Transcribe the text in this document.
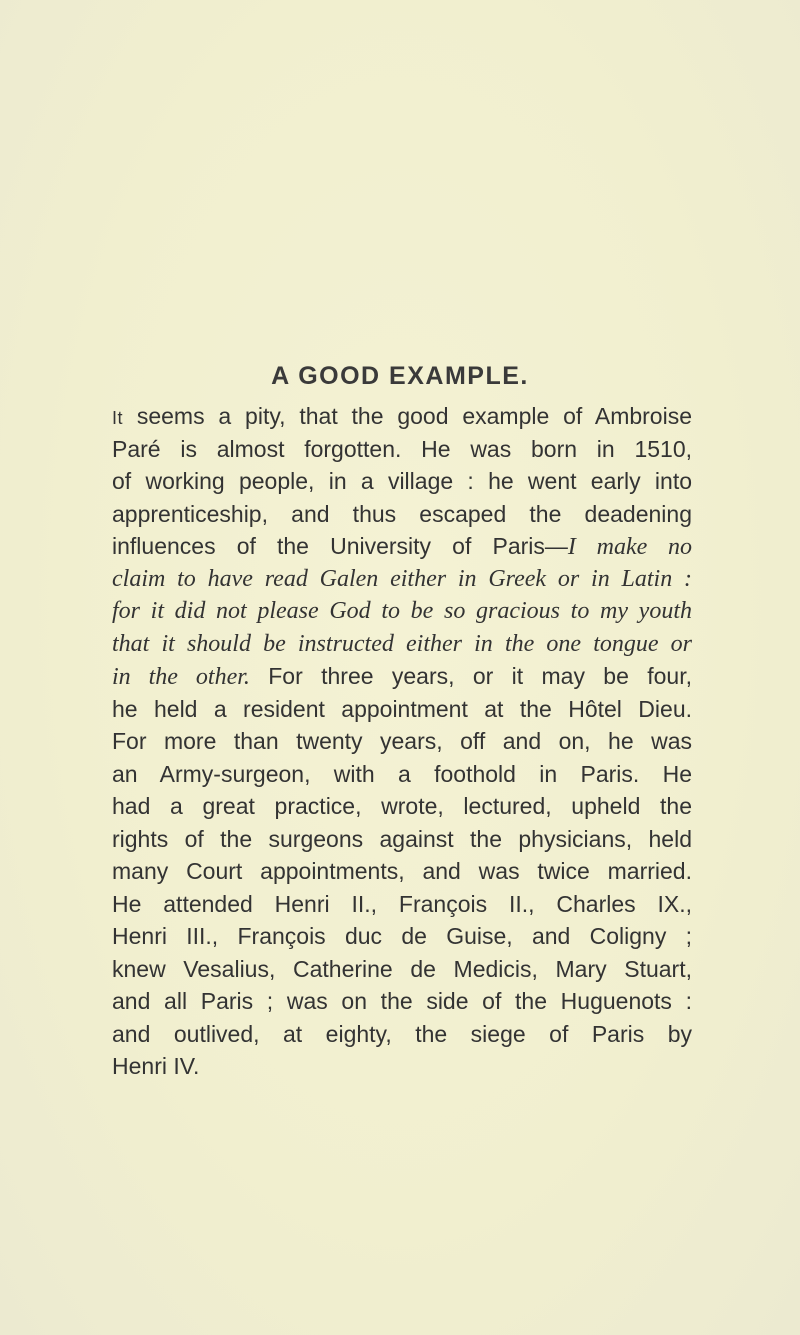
A GOOD EXAMPLE.
It seems a pity, that the good example of Ambroise
Paré is almost forgotten. He was born in 1510,
of working people, in a village : he went early into
apprenticeship, and thus escaped the deadening
influences of the University of Paris—I make no
claim to have read Galen either in Greek or in Latin :
for it did not please God to be so gracious to my youth
that it should be instructed either in the one tongue or
in the other. For three years, or it may be four,
he held a resident appointment at the Hôtel Dieu.
For more than twenty years, off and on, he was
an Army-surgeon, with a foothold in Paris. He
had a great practice, wrote, lectured, upheld the
rights of the surgeons against the physicians, held
many Court appointments, and was twice married.
He attended Henri II., François II., Charles IX.,
Henri III., François duc de Guise, and Coligny ;
knew Vesalius, Catherine de Medicis, Mary Stuart,
and all Paris ; was on the side of the Huguenots :
and outlived, at eighty, the siege of Paris by
Henri IV.
